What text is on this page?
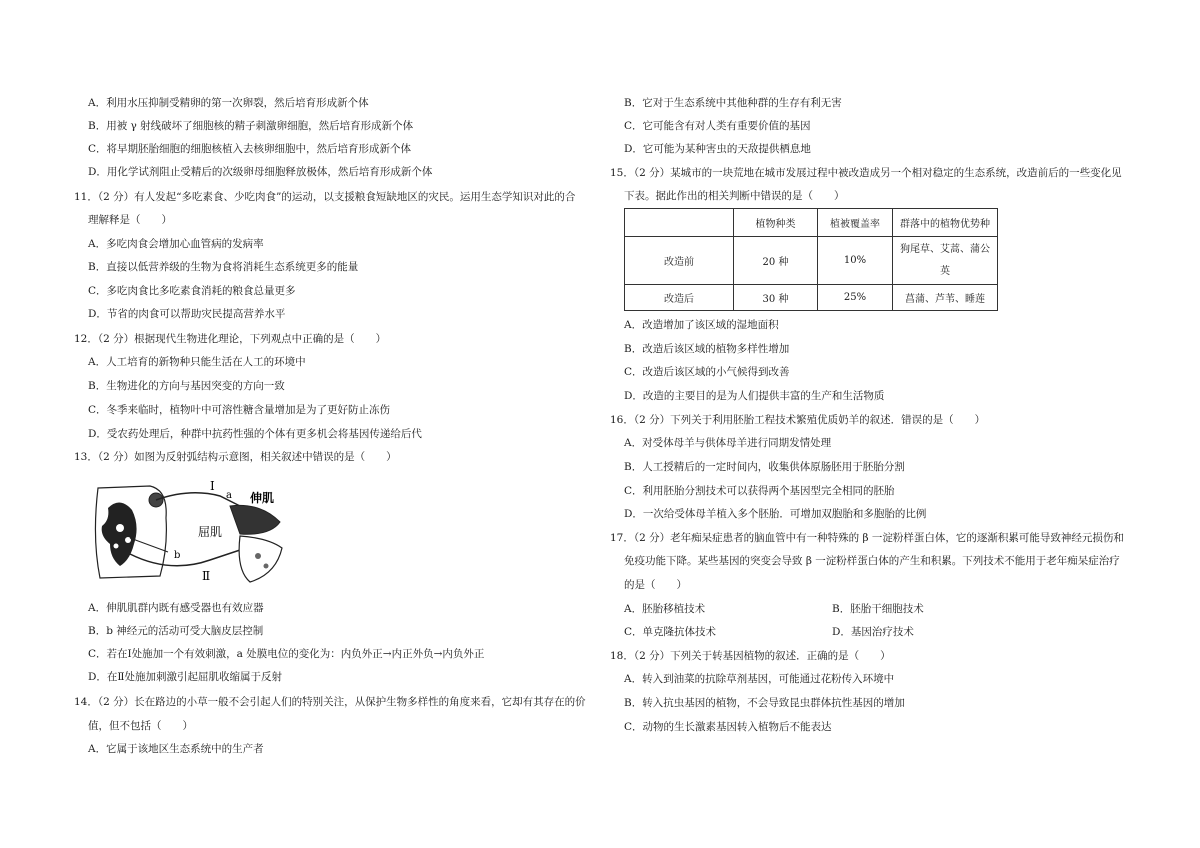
A．利用水压抑制受精卵的第一次卵裂，然后培育形成新个体
B．用被 γ 射线破坏了细胞核的精子刺激卵细胞，然后培育形成新个体
C．将早期胚胎细胞的细胞核植入去核卵细胞中，然后培育形成新个体
D．用化学试剂阻止受精后的次级卵母细胞释放极体，然后培育形成新个体
11．（2 分）有人发起“多吃素食、少吃肉食”的运动，以支援粮食短缺地区的灾民。运用生态学知识对此的合
理解释是（　　）
A．多吃肉食会增加心血管病的发病率
B．直接以低营养级的生物为食将消耗生态系统更多的能量
C．多吃肉食比多吃素食消耗的粮食总量更多
D．节省的肉食可以帮助灾民提高营养水平
12．（2 分）根据现代生物进化理论，下列观点中正确的是（　　）
A．人工培育的新物种只能生活在人工的环境中
B．生物进化的方向与基因突变的方向一致
C．冬季来临时，植物叶中可溶性糖含量增加是为了更好防止冻伤
D．受农药处理后，种群中抗药性强的个体有更多机会将基因传递给后代
13．（2 分）如图为反射弧结构示意图，相关叙述中错误的是（　　）
Ⅰ
a 伸肌
屈肌
b
Ⅱ
A．伸肌肌群内既有感受器也有效应器
B．b 神经元的活动可受大脑皮层控制
C．若在Ⅰ处施加一个有效刺激，a 处膜电位的变化为：内负外正→内正外负→内负外正
D．在Ⅱ处施加刺激引起屈肌收缩属于反射
14．（2 分）长在路边的小草一般不会引起人们的特别关注，从保护生物多样性的角度来看，它却有其存在的价
值，但不包括（　　）
A．它属于该地区生态系统中的生产者
B．它对于生态系统中其他种群的生存有利无害
C．它可能含有对人类有重要价值的基因
D．它可能为某种害虫的天敌提供栖息地
15．（2 分）某城市的一块荒地在城市发展过程中被改造成另一个相对稳定的生态系统，改造前后的一些变化见
下表。据此作出的相关判断中错误的是（　　）
	植物种类	植被覆盖率	群落中的植物优势种
改造前	20 种	10%	狗尾草、艾蒿、蒲公英
改造后	30 种	25%	菖蒲、芦苇、睡莲
A．改造增加了该区域的湿地面积
B．改造后该区域的植物多样性增加
C．改造后该区域的小气候得到改善
D．改造的主要目的是为人们提供丰富的生产和生活物质
16．（2 分）下列关于利用胚胎工程技术繁殖优质奶羊的叙述．错误的是（　　）
A．对受体母羊与供体母羊进行同期发情处理
B．人工授精后的一定时间内，收集供体原肠胚用于胚胎分割
C．利用胚胎分割技术可以获得两个基因型完全相同的胚胎
D．一次给受体母羊植入多个胚胎．可增加双胞胎和多胞胎的比例
17．（2 分）老年痴呆症患者的脑血管中有一种特殊的 β 一淀粉样蛋白体，它的逐渐积累可能导致神经元损伤和
免疫功能下降。某些基因的突变会导致 β 一淀粉样蛋白体的产生和积累。下列技术不能用于老年痴呆症治疗
的是（　　）
A．胚胎移植技术	B．胚胎干细胞技术
C．单克隆抗体技术	D．基因治疗技术
18．（2 分）下列关于转基因植物的叙述．正确的是（　　）
A．转入到油菜的抗除草剂基因，可能通过花粉传入环境中
B．转入抗虫基因的植物，不会导致昆虫群体抗性基因的增加
C．动物的生长激素基因转入植物后不能表达
